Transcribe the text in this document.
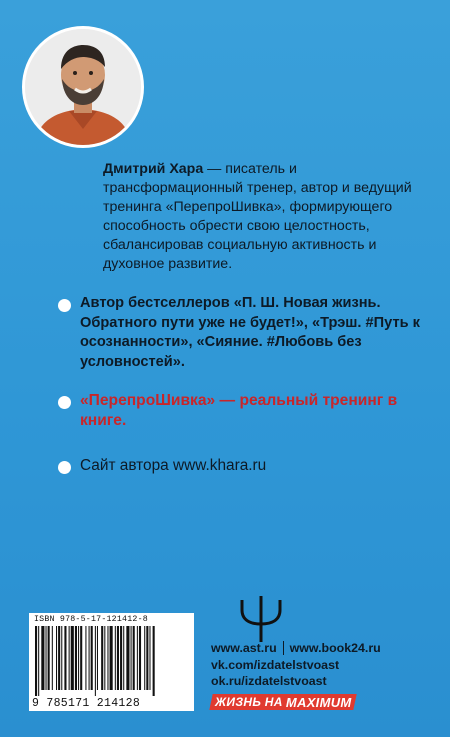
Дмитрий Хара — писатель и трансформационный тренер, автор и ведущий тренинга «ПерепроШивка», формирующего способность обрести свою целостность, сбалансировав социальную активность и духовное развитие.
Автор бестселлеров «П. Ш. Новая жизнь. Обратного пути уже не будет!», «Трэш. #Путь к осознанности», «Сияние. #Любовь без условностей».
«ПерепроШивка» — реальный тренинг в книге.
Сайт автора www.khara.ru
ISBN 978-5-17-121412-8
9 785171 214128
www.ast.ru www.book24.ru
vk.com/izdatelstvoast
ok.ru/izdatelstvoast
ЖИЗНЬ НА MAXIMUM
